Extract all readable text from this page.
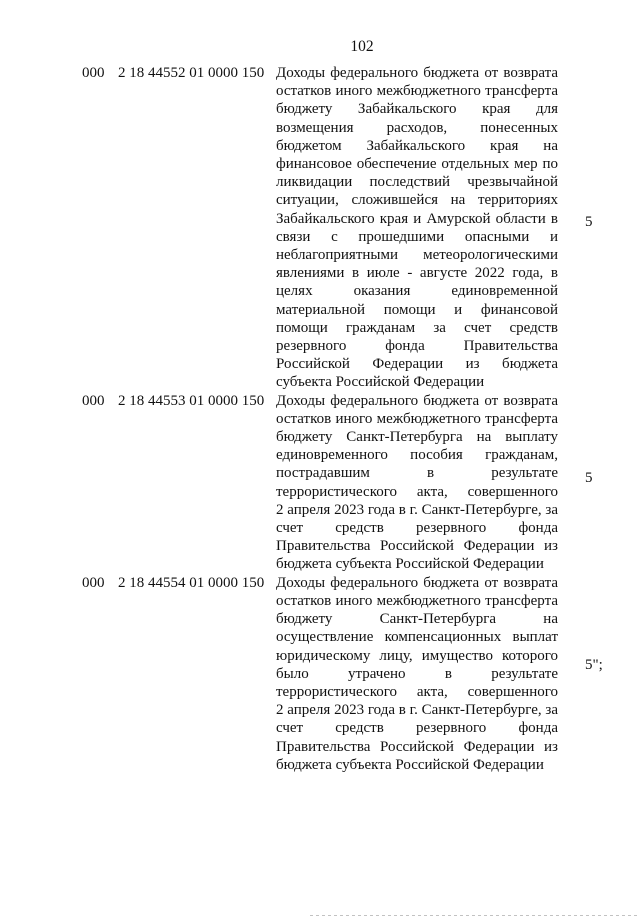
102
000 2 18 44552 01 0000 150 Доходы федерального бюджета от возврата
остатков иного межбюджетного трансферта
бюджету Забайкальского края для
возмещения расходов, понесенных
бюджетом Забайкальского края на
финансовое обеспечение отдельных мер по
ликвидации последствий чрезвычайной
ситуации, сложившейся на территориях
Забайкальского края и Амурской области в
связи с прошедшими опасными и
неблагоприятными метеорологическими
явлениями в июле - августе 2022 года, в
целях оказания единовременной
материальной помощи и финансовой
помощи гражданам за счет средств
резервного фонда Правительства
Российской Федерации из бюджета
субъекта Российской Федерации
5
000 2 18 44553 01 0000 150 Доходы федерального бюджета от возврата
остатков иного межбюджетного трансферта
бюджету Санкт-Петербурга на выплату
единовременного пособия гражданам,
пострадавшим в результате
террористического акта, совершенного
2 апреля 2023 года в г. Санкт-Петербурге, за
счет средств резервного фонда
Правительства Российской Федерации из
бюджета субъекта Российской Федерации
5
000 2 18 44554 01 0000 150 Доходы федерального бюджета от возврата
остатков иного межбюджетного трансферта
бюджету Санкт-Петербурга на
осуществление компенсационных выплат
юридическому лицу, имущество которого
было утрачено в результате
террористического акта, совершенного
2 апреля 2023 года в г. Санкт-Петербурге, за
счет средств резервного фонда
Правительства Российской Федерации из
бюджета субъекта Российской Федерации
5";
